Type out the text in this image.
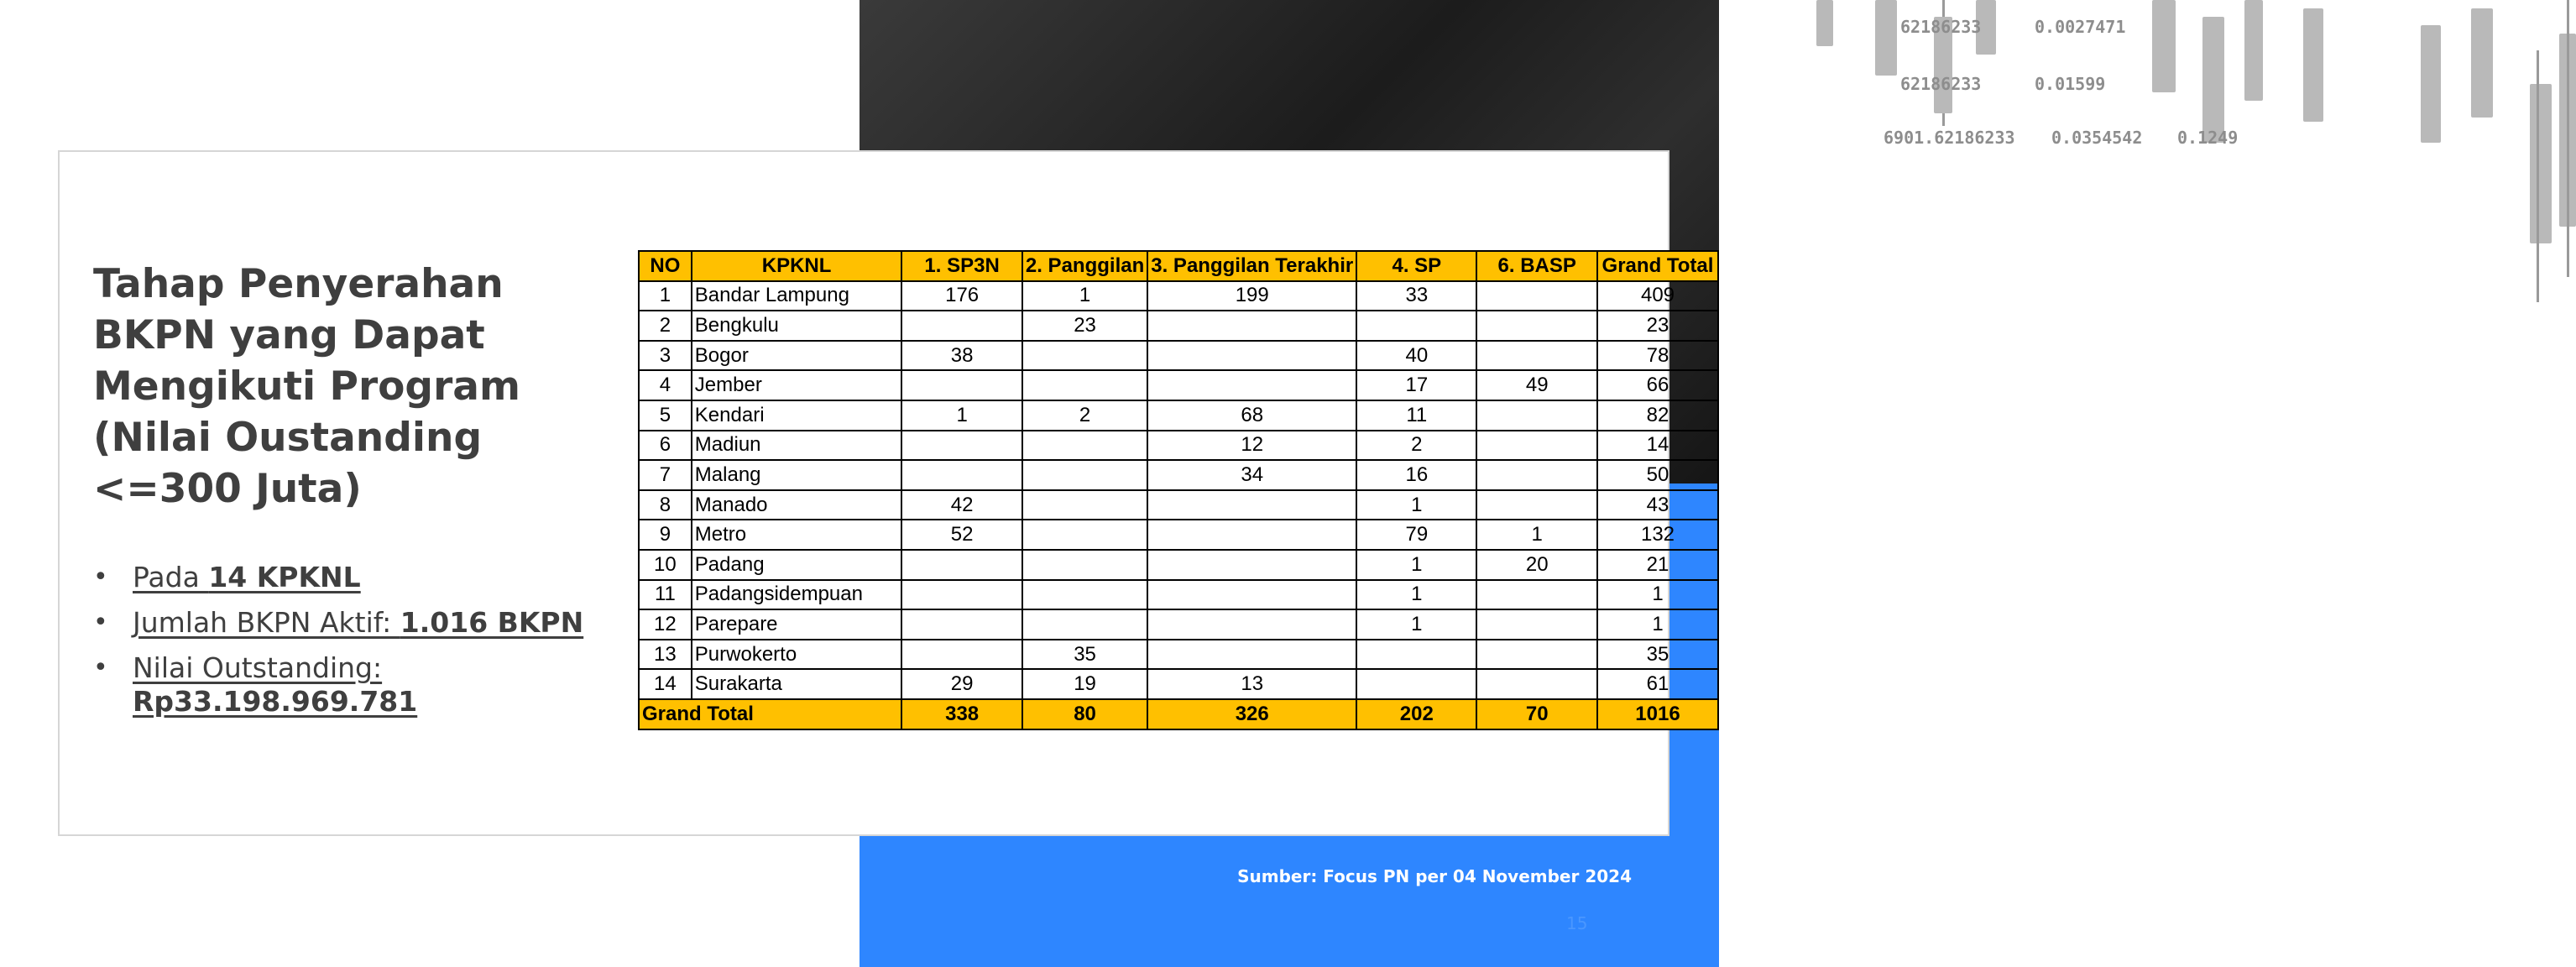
62186233	0.0027471
62186233	0.01599
6901.62186233 0.0354542 0.1249
Tahap Penyerahan BKPN yang Dapat Mengikuti Program (Nilai Oustanding <=300 Juta)
• Pada 14 KPKNL
• Jumlah BKPN Aktif: 1.016 BKPN
• Nilai Outstanding: Rp33.198.969.781
NO	KPKNL	1. SP3N	2. Panggilan	3. Panggilan Terakhir	4. SP	6. BASP	Grand Total
1	Bandar Lampung	176	1	199	33		409
2	Bengkulu		23				23
3	Bogor	38			40		78
4	Jember				17	49	66
5	Kendari	1	2	68	11		82
6	Madiun			12	2		14
7	Malang			34	16		50
8	Manado	42			1		43
9	Metro	52			79	1	132
10	Padang				1	20	21
11	Padangsidempuan				1		1
12	Parepare				1		1
13	Purwokerto		35				35
14	Surakarta	29	19	13			61
Grand Total		338	80	326	202	70	1016
Sumber: Focus PN per 04 November 2024
15
